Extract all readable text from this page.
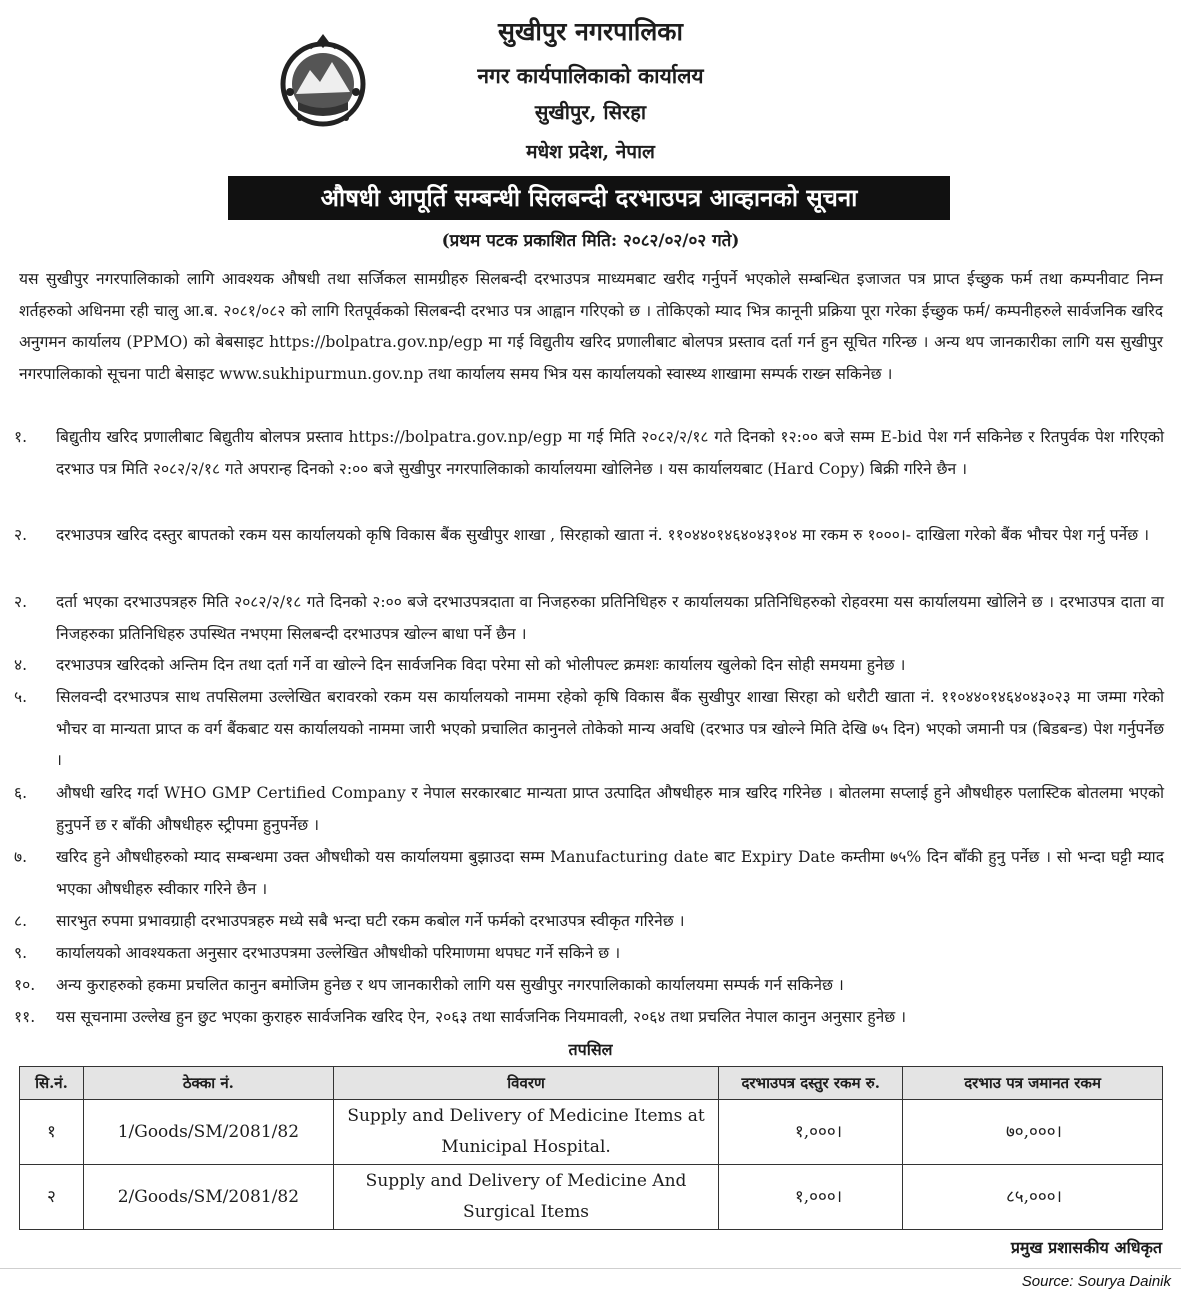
सुखीपुर नगरपालिका
नगर कार्यपालिकाको कार्यालय
सुखीपुर, सिरहा
मधेश प्रदेश, नेपाल
औषधी आपूर्ति सम्बन्धी सिलबन्दी दरभाउपत्र आव्हानको सूचना
(प्रथम पटक प्रकाशित मिति: २०८२/०२/०२ गते)
यस सुखीपुर नगरपालिकाको लागि आवश्यक औषधी तथा सर्जिकल सामग्रीहरु सिलबन्दी दरभाउपत्र माध्यमबाट खरीद गर्नुपर्ने भएकोले सम्बन्धित इजाजत पत्र प्राप्त ईच्छुक फर्म तथा कम्पनीवाट निम्न शर्तहरुको अधिनमा रही चालु आ.ब. २०८१/०८२ को लागि रितपूर्वकको सिलबन्दी दरभाउ पत्र आह्वान गरिएको छ । तोकिएको म्याद भित्र कानूनी प्रक्रिया पूरा गरेका ईच्छुक फर्म/ कम्पनीहरुले सार्वजनिक खरिद अनुगमन कार्यालय (PPMO) को बेबसाइट https://bolpatra.gov.np/egp मा गई विद्युतीय खरिद प्रणालीबाट बोलपत्र प्रस्ताव दर्ता गर्न हुन सूचित गरिन्छ । अन्य थप जानकारीका लागि यस सुखीपुर नगरपालिकाको सूचना पाटी बेसाइट www.sukhipurmun.gov.np तथा कार्यालय समय भित्र यस कार्यालयको स्वास्थ्य शाखामा सम्पर्क राख्न सकिनेछ ।
१.	बिद्युतीय खरिद प्रणालीबाट बिद्युतीय बोलपत्र प्रस्ताव https://bolpatra.gov.np/egp मा गई मिति २०८२/२/१८ गते दिनको १२:०० बजे सम्म E-bid पेश गर्न सकिनेछ र रितपुर्वक पेश गरिएको दरभाउ पत्र मिति २०८२/२/१८ गते अपरान्ह दिनको २:०० बजे सुखीपुर नगरपालिकाको कार्यालयमा खोलिनेछ । यस कार्यालयबाट (Hard Copy) बिक्री गरिने छैन ।
२.	दरभाउपत्र खरिद दस्तुर बापतको रकम यस कार्यालयको कृषि विकास बैंक सुखीपुर शाखा , सिरहाको खाता नं. ११०४४०१४६४०४३१०४ मा रकम रु १०००।- दाखिला गरेको बैंक भौचर पेश गर्नु पर्नेछ ।
२.	दर्ता भएका दरभाउपत्रहरु मिति २०८२/२/१८ गते दिनको २:०० बजे दरभाउपत्रदाता वा निजहरुका प्रतिनिधिहरु र कार्यालयका प्रतिनिधिहरुको रोहवरमा यस कार्यालयमा खोलिने छ । दरभाउपत्र दाता वा निजहरुका प्रतिनिधिहरु उपस्थित नभएमा सिलबन्दी दरभाउपत्र खोल्न बाधा पर्ने छैन ।
४.	दरभाउपत्र खरिदको अन्तिम दिन तथा दर्ता गर्ने वा खोल्ने दिन सार्वजनिक विदा परेमा सो को भोलीपल्ट क्रमशः कार्यालय खुलेको दिन सोही समयमा हुनेछ ।
५.	सिलवन्दी दरभाउपत्र साथ तपसिलमा उल्लेखित बरावरको रकम यस कार्यालयको नाममा रहेको कृषि विकास बैंक सुखीपुर शाखा सिरहा को धरौटी खाता नं. ११०४४०१४६४०४३०२३ मा जम्मा गरेको भौचर वा मान्यता प्राप्त क वर्ग बैंकबाट यस कार्यालयको नाममा जारी भएको प्रचालित कानुनले तोकेको मान्य अवधि (दरभाउ पत्र खोल्ने मिति देखि ७५ दिन) भएको जमानी पत्र (बिडबन्ड) पेश गर्नुपर्नेछ ।
६.	औषधी खरिद गर्दा WHO GMP Certified Company र नेपाल सरकारबाट मान्यता प्राप्त उत्पादित औषधीहरु मात्र खरिद गरिनेछ । बोतलमा सप्लाई हुने औषधीहरु पलास्टिक बोतलमा भएको हुनुपर्ने छ र बाँकी औषधीहरु स्ट्रीपमा हुनुपर्नेछ ।
७.	खरिद हुने औषधीहरुको म्याद सम्बन्धमा उक्त औषधीको यस कार्यालयमा बुझाउदा सम्म Manufacturing date बाट Expiry Date कम्तीमा ७५% दिन बाँकी हुनु पर्नेछ । सो भन्दा घट्टी म्याद भएका औषधीहरु स्वीकार गरिने छैन ।
८.	सारभुत रुपमा प्रभावग्राही दरभाउपत्रहरु मध्ये सबै भन्दा घटी रकम कबोल गर्ने फर्मको दरभाउपत्र स्वीकृत गरिनेछ ।
९.	कार्यालयको आवश्यकता अनुसार दरभाउपत्रमा उल्लेखित औषधीको परिमाणमा थपघट गर्ने सकिने छ ।
१०.	अन्य कुराहरुको हकमा प्रचलित कानुन बमोजिम हुनेछ र थप जानकारीको लागि यस सुखीपुर नगरपालिकाको कार्यालयमा सम्पर्क गर्न सकिनेछ ।
११.	यस सूचनामा उल्लेख हुन छुट भएका कुराहरु सार्वजनिक खरिद ऐन, २०६३ तथा सार्वजनिक नियमावली, २०६४ तथा प्रचलित नेपाल कानुन अनुसार हुनेछ ।
तपसिल
सि.नं.	ठेक्का नं.	विवरण	दरभाउपत्र दस्तुर रकम रु.	दरभाउ पत्र जमानत रकम
१	1/Goods/SM/2081/82	Supply and Delivery of Medicine Items at Municipal Hospital.	१,०००।	७०,०००।
२	2/Goods/SM/2081/82	Supply and Delivery of Medicine And Surgical Items	१,०००।	८५,०००।
प्रमुख प्रशासकीय अधिकृत
Source: Sourya Dainik
